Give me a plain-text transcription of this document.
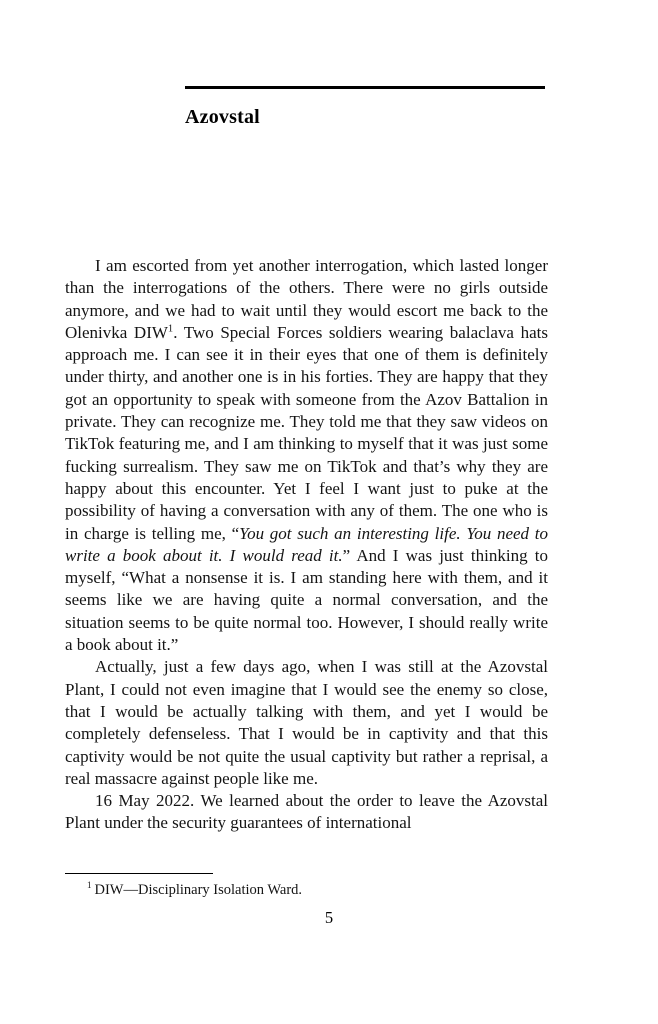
Azovstal

I am escorted from yet another interrogation, which lasted longer than the interrogations of the others. There were no girls outside anymore, and we had to wait until they would escort me back to the Olenivka DIW$^1$. Two Special Forces soldiers wearing balaclava hats approach me. I can see it in their eyes that one of them is definitely under thirty, and another one is in his forties. They are happy that they got an opportunity to speak with someone from the Azov Battalion in private. They can recognize me. They told me that they saw videos on TikTok featuring me, and I am thinking to myself that it was just some fucking surrealism. They saw me on TikTok and that’s why they are happy about this encounter. Yet I feel I want just to puke at the possibility of having a conversation with any of them. The one who is in charge is telling me, “You got such an interesting life. You need to write a book about it. I would read it.” And I was just thinking to myself, “What a nonsense it is. I am standing here with them, and it seems like we are having quite a normal conversation, and the situation seems to be quite normal too. However, I should really write a book about it.”

Actually, just a few days ago, when I was still at the Azovstal Plant, I could not even imagine that I would see the enemy so close, that I would be actually talking with them, and yet I would be completely defenseless. That I would be in captivity and that this captivity would be not quite the usual captivity but rather a reprisal, a real massacre against people like me.

16 May 2022. We learned about the order to leave the Azovstal Plant under the security guarantees of international

$^1$ DIW—Disciplinary Isolation Ward.

5
